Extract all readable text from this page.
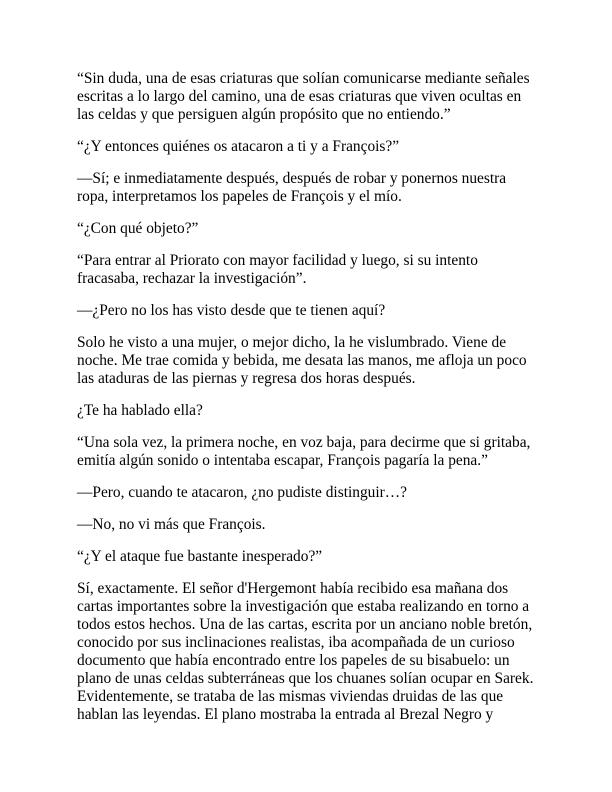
“Sin duda, una de esas criaturas que solían comunicarse mediante señales escritas a lo largo del camino, una de esas criaturas que viven ocultas en las celdas y que persiguen algún propósito que no entiendo.”

“¿Y entonces quiénes os atacaron a ti y a François?”

—Sí; e inmediatamente después, después de robar y ponernos nuestra ropa, interpretamos los papeles de François y el mío.

“¿Con qué objeto?”

“Para entrar al Priorato con mayor facilidad y luego, si su intento fracasaba, rechazar la investigación”.

—¿Pero no los has visto desde que te tienen aquí?

Solo he visto a una mujer, o mejor dicho, la he vislumbrado. Viene de noche. Me trae comida y bebida, me desata las manos, me afloja un poco las ataduras de las piernas y regresa dos horas después.

¿Te ha hablado ella?

“Una sola vez, la primera noche, en voz baja, para decirme que si gritaba, emitía algún sonido o intentaba escapar, François pagaría la pena.”

—Pero, cuando te atacaron, ¿no pudiste distinguir…?

—No, no vi más que François.

“¿Y el ataque fue bastante inesperado?”

Sí, exactamente. El señor d'Hergemont había recibido esa mañana dos cartas importantes sobre la investigación que estaba realizando en torno a todos estos hechos. Una de las cartas, escrita por un anciano noble bretón, conocido por sus inclinaciones realistas, iba acompañada de un curioso documento que había encontrado entre los papeles de su bisabuelo: un plano de unas celdas subterráneas que los chuanes solían ocupar en Sarek. Evidentemente, se trataba de las mismas viviendas druidas de las que hablan las leyendas. El plano mostraba la entrada al Brezal Negro y
